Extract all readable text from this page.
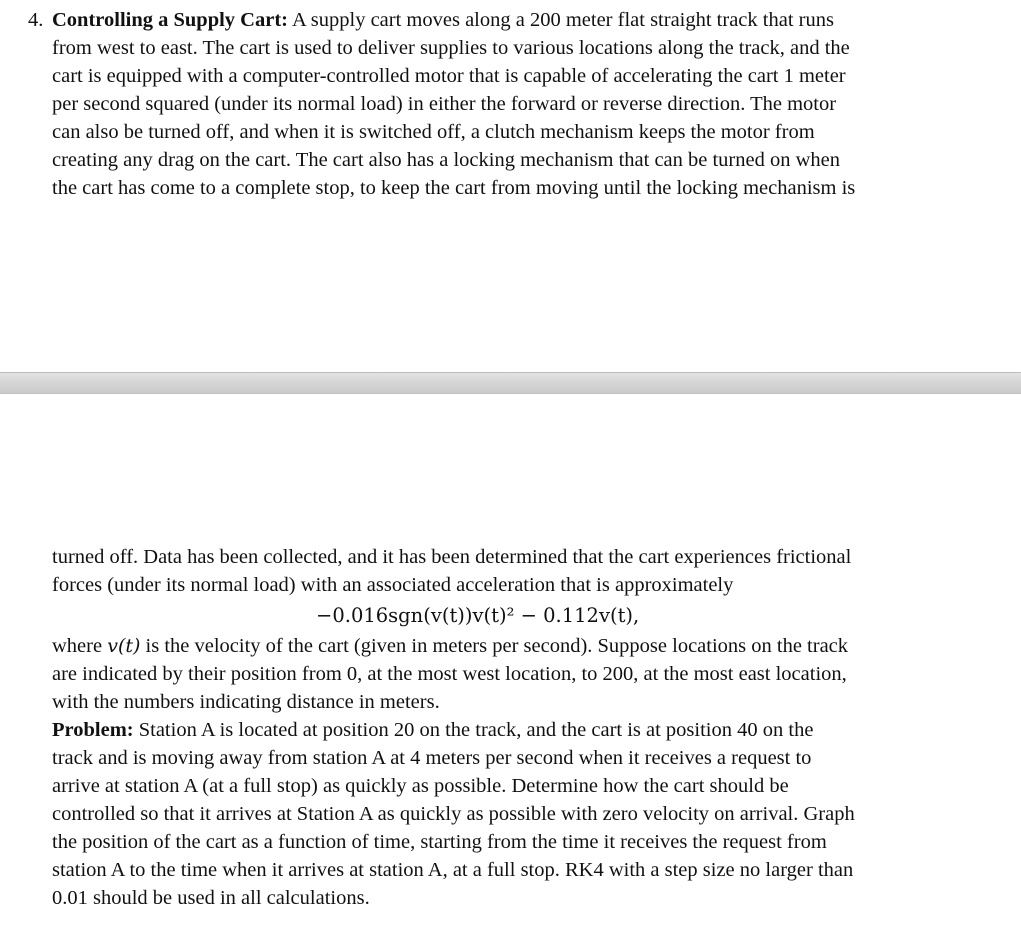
4. Controlling a Supply Cart: A supply cart moves along a 200 meter flat straight track that runs
from west to east. The cart is used to deliver supplies to various locations along the track, and the
cart is equipped with a computer-controlled motor that is capable of accelerating the cart 1 meter
per second squared (under its normal load) in either the forward or reverse direction. The motor
can also be turned off, and when it is switched off, a clutch mechanism keeps the motor from
creating any drag on the cart. The cart also has a locking mechanism that can be turned on when
the cart has come to a complete stop, to keep the cart from moving until the locking mechanism is
turned off. Data has been collected, and it has been determined that the cart experiences frictional
forces (under its normal load) with an associated acceleration that is approximately
−0.016sgn(v(t))v(t)² − 0.112v(t),
where v(t) is the velocity of the cart (given in meters per second). Suppose locations on the track
are indicated by their position from 0, at the most west location, to 200, at the most east location,
with the numbers indicating distance in meters.
Problem: Station A is located at position 20 on the track, and the cart is at position 40 on the
track and is moving away from station A at 4 meters per second when it receives a request to
arrive at station A (at a full stop) as quickly as possible. Determine how the cart should be
controlled so that it arrives at Station A as quickly as possible with zero velocity on arrival. Graph
the position of the cart as a function of time, starting from the time it receives the request from
station A to the time when it arrives at station A, at a full stop. RK4 with a step size no larger than
0.01 should be used in all calculations.
